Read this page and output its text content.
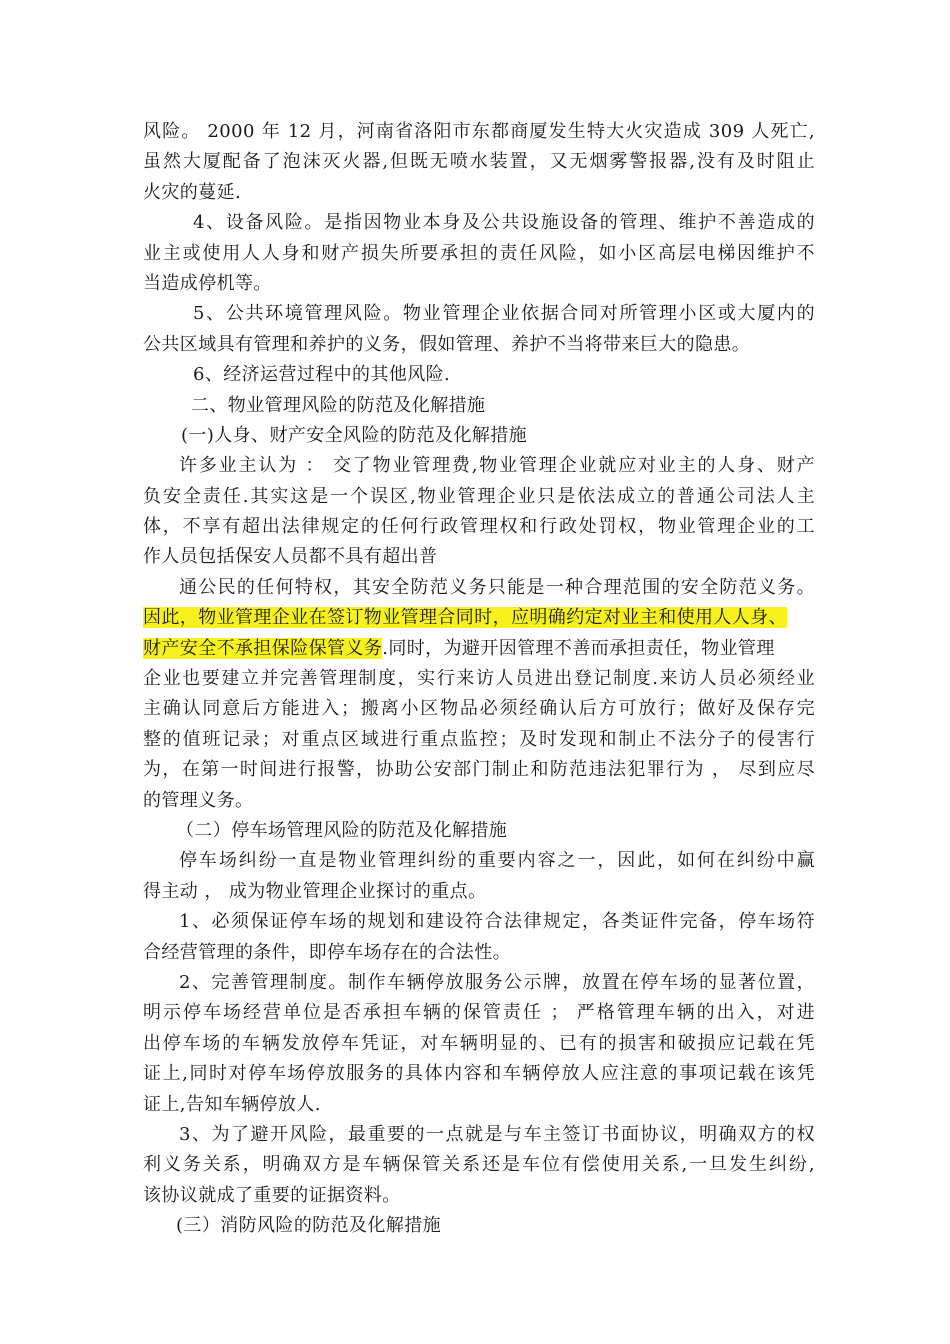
风险。 2000 年 12 月，河南省洛阳市东都商厦发生特大火灾造成 309 人死亡,
虽然大厦配备了泡沫灭火器,但既无喷水装置，又无烟雾警报器,没有及时阻止
火灾的蔓延.
4、设备风险。是指因物业本身及公共设施设备的管理、维护不善造成的
业主或使用人人身和财产损失所要承担的责任风险，如小区高层电梯因维护不
当造成停机等。
5、公共环境管理风险。物业管理企业依据合同对所管理小区或大厦内的
公共区域具有管理和养护的义务，假如管理、养护不当将带来巨大的隐患。
6、经济运营过程中的其他风险.
二、物业管理风险的防范及化解措施
(一)人身、财产安全风险的防范及化解措施
许多业主认为 ： 交了物业管理费,物业管理企业就应对业主的人身、财产
负安全责任.其实这是一个误区,物业管理企业只是依法成立的普通公司法人主
体，不享有超出法律规定的任何行政管理权和行政处罚权，物业管理企业的工
作人员包括保安人员都不具有超出普
通公民的任何特权，其安全防范义务只能是一种合理范围的安全防范义务。
因此，物业管理企业在签订物业管理合同时，应明确约定对业主和使用人人身、
财产安全不承担保险保管义务.同时，为避开因管理不善而承担责任，物业管理
企业也要建立并完善管理制度，实行来访人员进出登记制度.来访人员必须经业
主确认同意后方能进入；搬离小区物品必须经确认后方可放行；做好及保存完
整的值班记录；对重点区域进行重点监控；及时发现和制止不法分子的侵害行
为，在第一时间进行报警，协助公安部门制止和防范违法犯罪行为 ， 尽到应尽
的管理义务。
（二）停车场管理风险的防范及化解措施
停车场纠纷一直是物业管理纠纷的重要内容之一，因此，如何在纠纷中赢
得主动 ， 成为物业管理企业探讨的重点。
1、必须保证停车场的规划和建设符合法律规定，各类证件完备，停车场符
合经营管理的条件，即停车场存在的合法性。
2、完善管理制度。制作车辆停放服务公示牌，放置在停车场的显著位置，
明示停车场经营单位是否承担车辆的保管责任 ； 严格管理车辆的出入，对进
出停车场的车辆发放停车凭证，对车辆明显的、已有的损害和破损应记载在凭
证上,同时对停车场停放服务的具体内容和车辆停放人应注意的事项记载在该凭
证上,告知车辆停放人.
3、为了避开风险，最重要的一点就是与车主签订书面协议，明确双方的权
利义务关系，明确双方是车辆保管关系还是车位有偿使用关系,一旦发生纠纷,
该协议就成了重要的证据资料。
(三）消防风险的防范及化解措施
